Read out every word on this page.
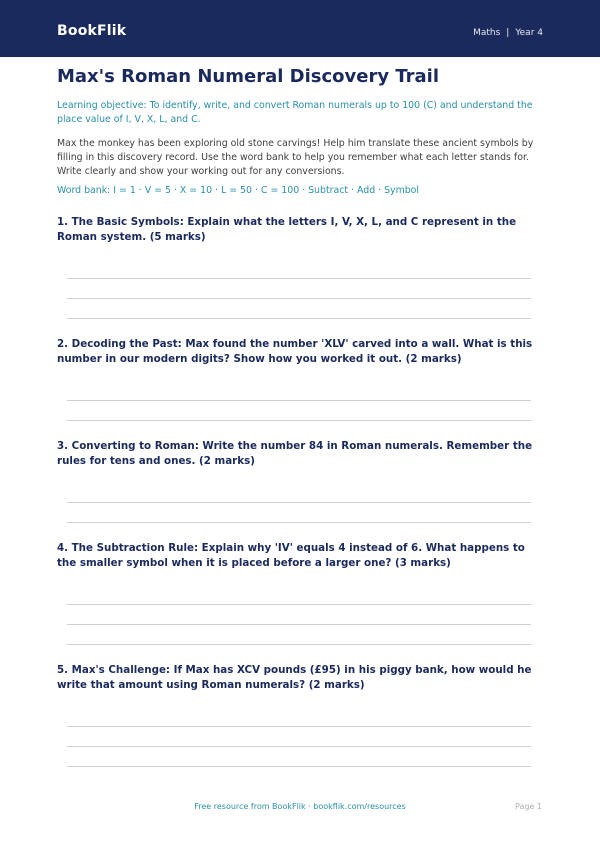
BookFlik	Maths | Year 4
Max's Roman Numeral Discovery Trail

Learning objective: To identify, write, and convert Roman numerals up to 100 (C) and understand the place value of I, V, X, L, and C.

Max the monkey has been exploring old stone carvings! Help him translate these ancient symbols by filling in this discovery record. Use the word bank to help you remember what each letter stands for. Write clearly and show your working out for any conversions.

Word bank: I = 1 · V = 5 · X = 10 · L = 50 · C = 100 · Subtract · Add · Symbol

1. The Basic Symbols: Explain what the letters I, V, X, L, and C represent in the Roman system. (5 marks)

2. Decoding the Past: Max found the number 'XLV' carved into a wall. What is this number in our modern digits? Show how you worked it out. (2 marks)

3. Converting to Roman: Write the number 84 in Roman numerals. Remember the rules for tens and ones. (2 marks)

4. The Subtraction Rule: Explain why 'IV' equals 4 instead of 6. What happens to the smaller symbol when it is placed before a larger one? (3 marks)

5. Max's Challenge: If Max has XCV pounds (£95) in his piggy bank, how would he write that amount using Roman numerals? (2 marks)

Free resource from BookFlik · bookflik.com/resources	Page 1
